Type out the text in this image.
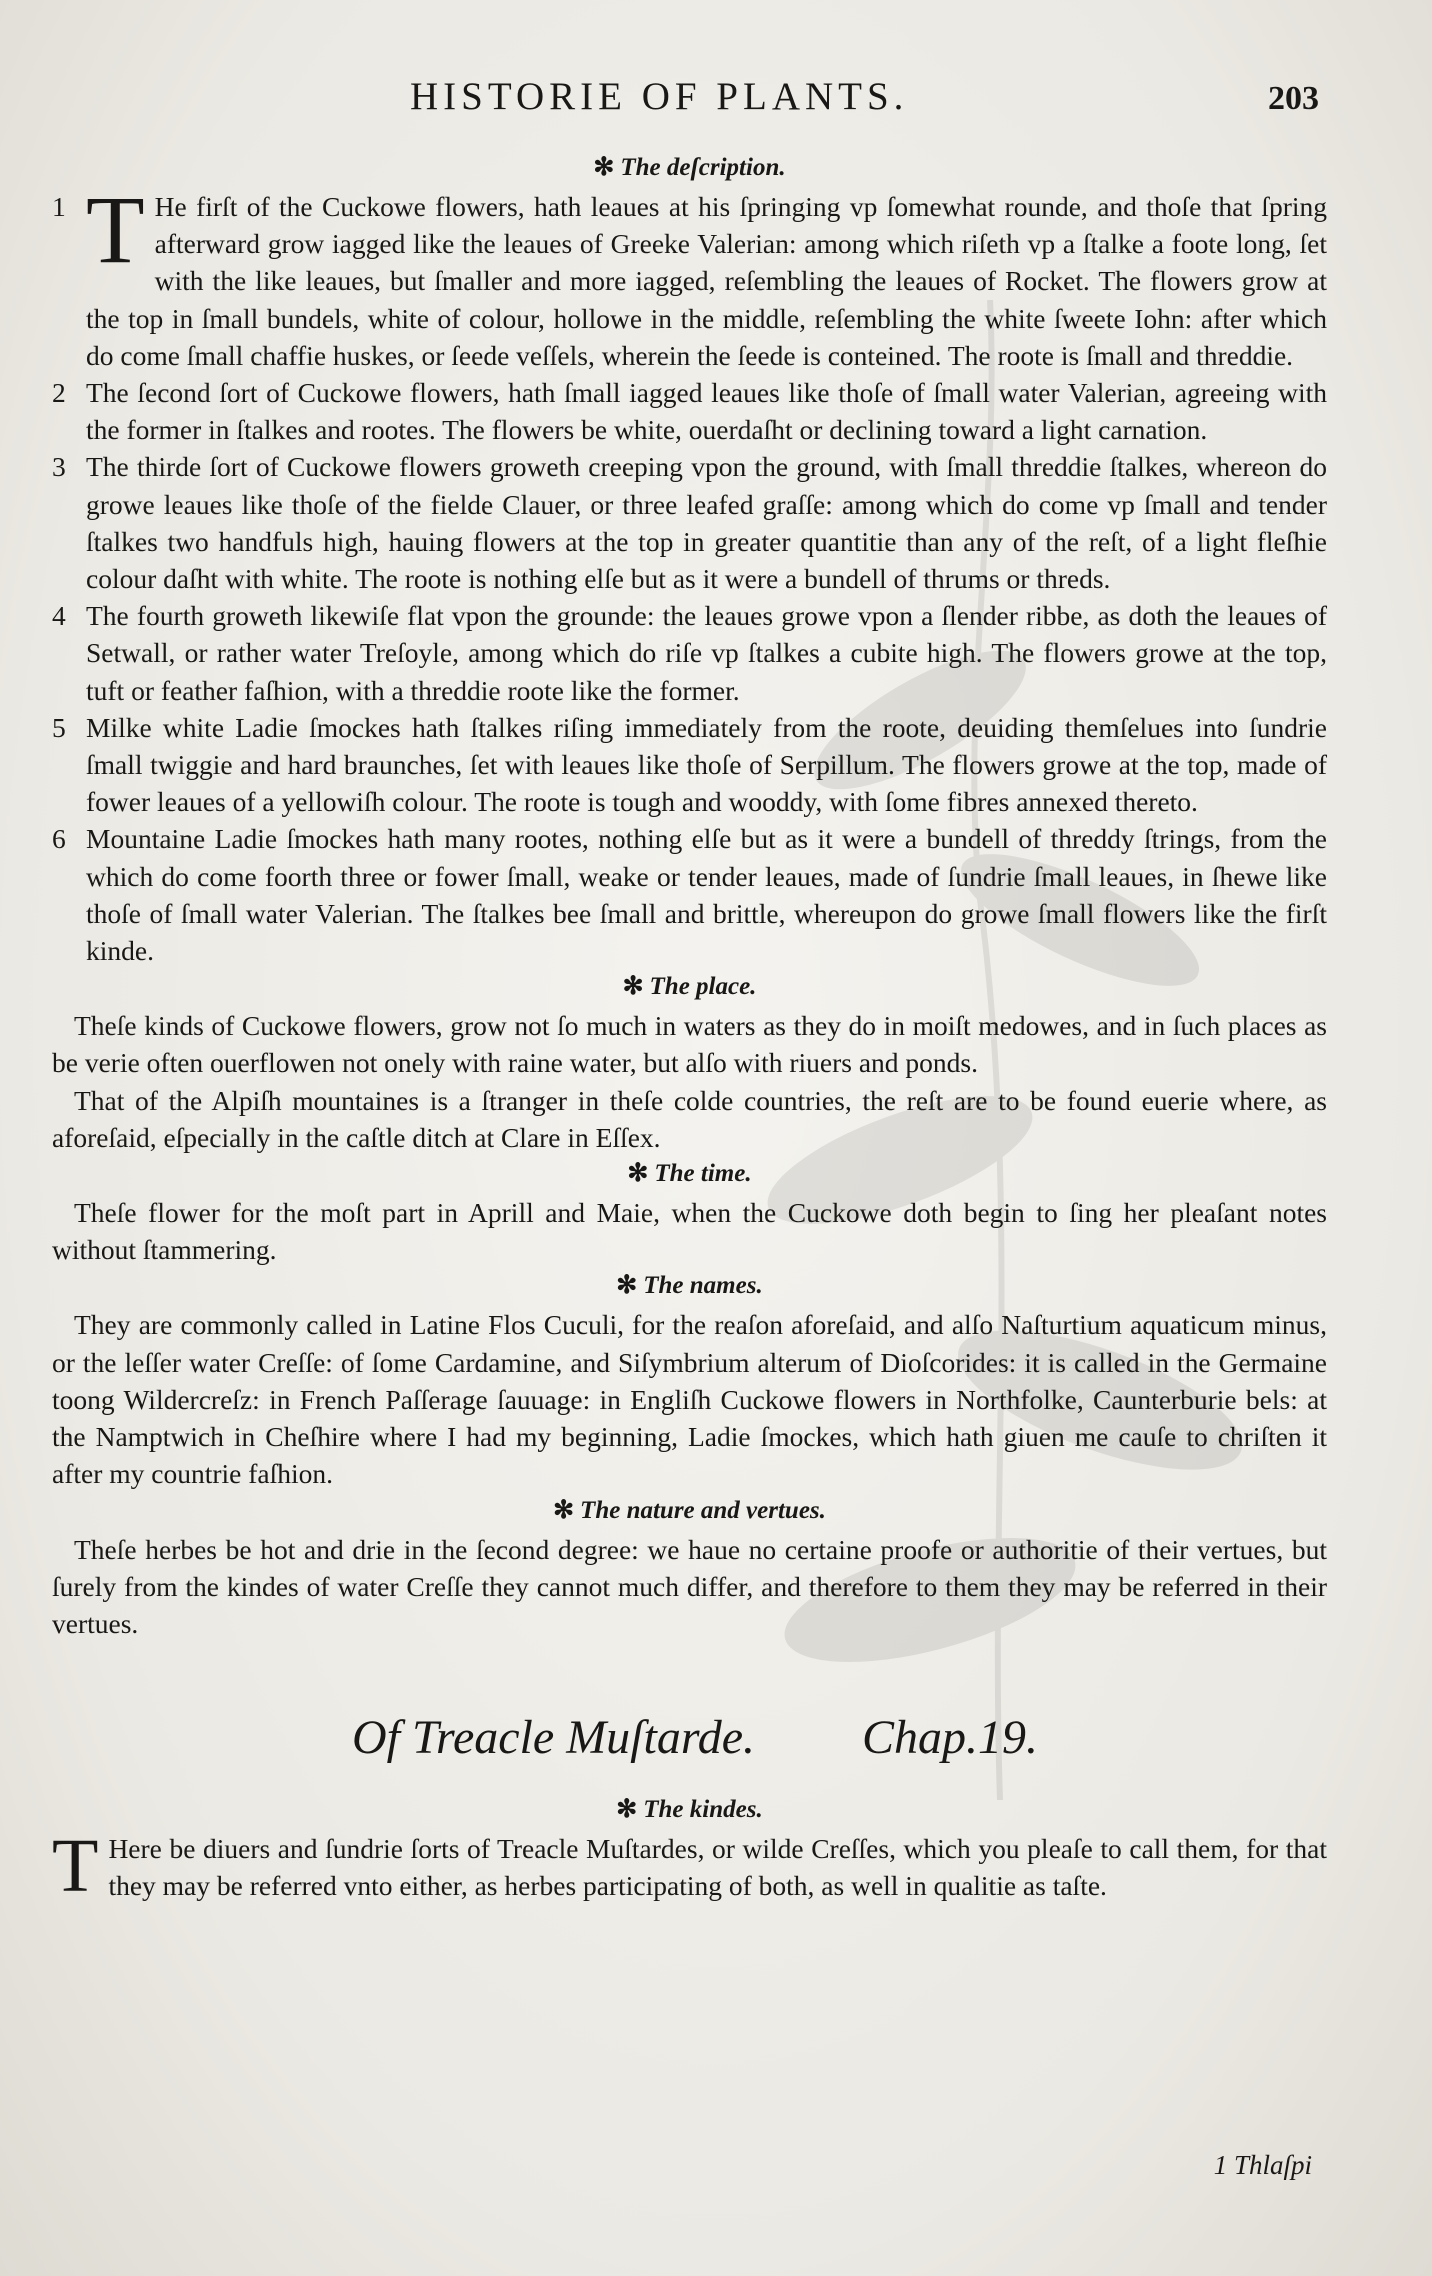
HISTORIE OF PLANTS.	203
✻ The deſcription.
1 T He firſt of the Cuckowe flowers, hath leaues at his ſpringing vp ſomewhat rounde, and thoſe that ſpring afterward grow iagged like the leaues of Greeke Valerian: among which riſeth vp a ſtalke a foote long, ſet with the like leaues, but ſmaller and more iagged, reſembling the leaues of Rocket. The flowers grow at the top in ſmall bundels, white of colour, hollowe in the middle, reſembling the white ſweete Iohn: after which do come ſmall chaffie huskes, or ſeede veſſels, wherein the ſeede is conteined. The roote is ſmall and threddie.
2 The ſecond ſort of Cuckowe flowers, hath ſmall iagged leaues like thoſe of ſmall water Valerian, agreeing with the former in ſtalkes and rootes. The flowers be white, ouerdaſht or declining toward a light carnation.
3 The thirde ſort of Cuckowe flowers groweth creeping vpon the ground, with ſmall threddie ſtalkes, whereon do growe leaues like thoſe of the fielde Clauer, or three leafed graſſe: among which do come vp ſmall and tender ſtalkes two handfuls high, hauing flowers at the top in greater quantitie than any of the reſt, of a light fleſhie colour daſht with white. The roote is nothing elſe but as it were a bundell of thrums or threds.
4 The fourth groweth likewiſe flat vpon the grounde: the leaues growe vpon a ſlender ribbe, as doth the leaues of Setwall, or rather water Treſoyle, among which do riſe vp ſtalkes a cubite high. The flowers growe at the top, tuft or feather faſhion, with a threddie roote like the former.
5 Milke white Ladie ſmockes hath ſtalkes riſing immediately from the roote, deuiding themſelues into ſundrie ſmall twiggie and hard braunches, ſet with leaues like thoſe of Serpillum. The flowers growe at the top, made of fower leaues of a yellowiſh colour. The roote is tough and wooddy, with ſome fibres annexed thereto.
6 Mountaine Ladie ſmockes hath many rootes, nothing elſe but as it were a bundell of threddy ſtrings, from the which do come foorth three or fower ſmall, weake or tender leaues, made of ſundrie ſmall leaues, in ſhewe like thoſe of ſmall water Valerian. The ſtalkes bee ſmall and brittle, whereupon do growe ſmall flowers like the firſt kinde.
✻ The place.
Theſe kinds of Cuckowe flowers, grow not ſo much in waters as they do in moiſt medowes, and in ſuch places as be verie often ouerflowen not onely with raine water, but alſo with riuers and ponds.
That of the Alpiſh mountaines is a ſtranger in theſe colde countries, the reſt are to be found euerie where, as aforeſaid, eſpecially in the caſtle ditch at Clare in Eſſex.
✻ The time.
Theſe flower for the moſt part in Aprill and Maie, when the Cuckowe doth begin to ſing her pleaſant notes without ſtammering.
✻ The names.
They are commonly called in Latine Flos Cuculi, for the reaſon aforeſaid, and alſo Naſturtium aquaticum minus, or the leſſer water Creſſe: of ſome Cardamine, and Siſymbrium alterum of Dioſcorides: it is called in the Germaine toong Wildercreſz: in French Paſſerage ſauuage: in Engliſh Cuckowe flowers in Northfolke, Caunterburie bels: at the Namptwich in Cheſhire where I had my beginning, Ladie ſmockes, which hath giuen me cauſe to chriſten it after my countrie faſhion.
✻ The nature and vertues.
Theſe herbes be hot and drie in the ſecond degree: we haue no certaine proofe or authoritie of their vertues, but ſurely from the kindes of water Creſſe they cannot much differ, and therefore to them they may be referred in their vertues.
Of Treacle Muſtarde. Chap.19.
✻ The kindes.
T Here be diuers and ſundrie ſorts of Treacle Muſtardes, or wilde Creſſes, which you pleaſe to call them, for that they may be referred vnto either, as herbes participating of both, as well in qualitie as taſte.
1 Thlaſpi
